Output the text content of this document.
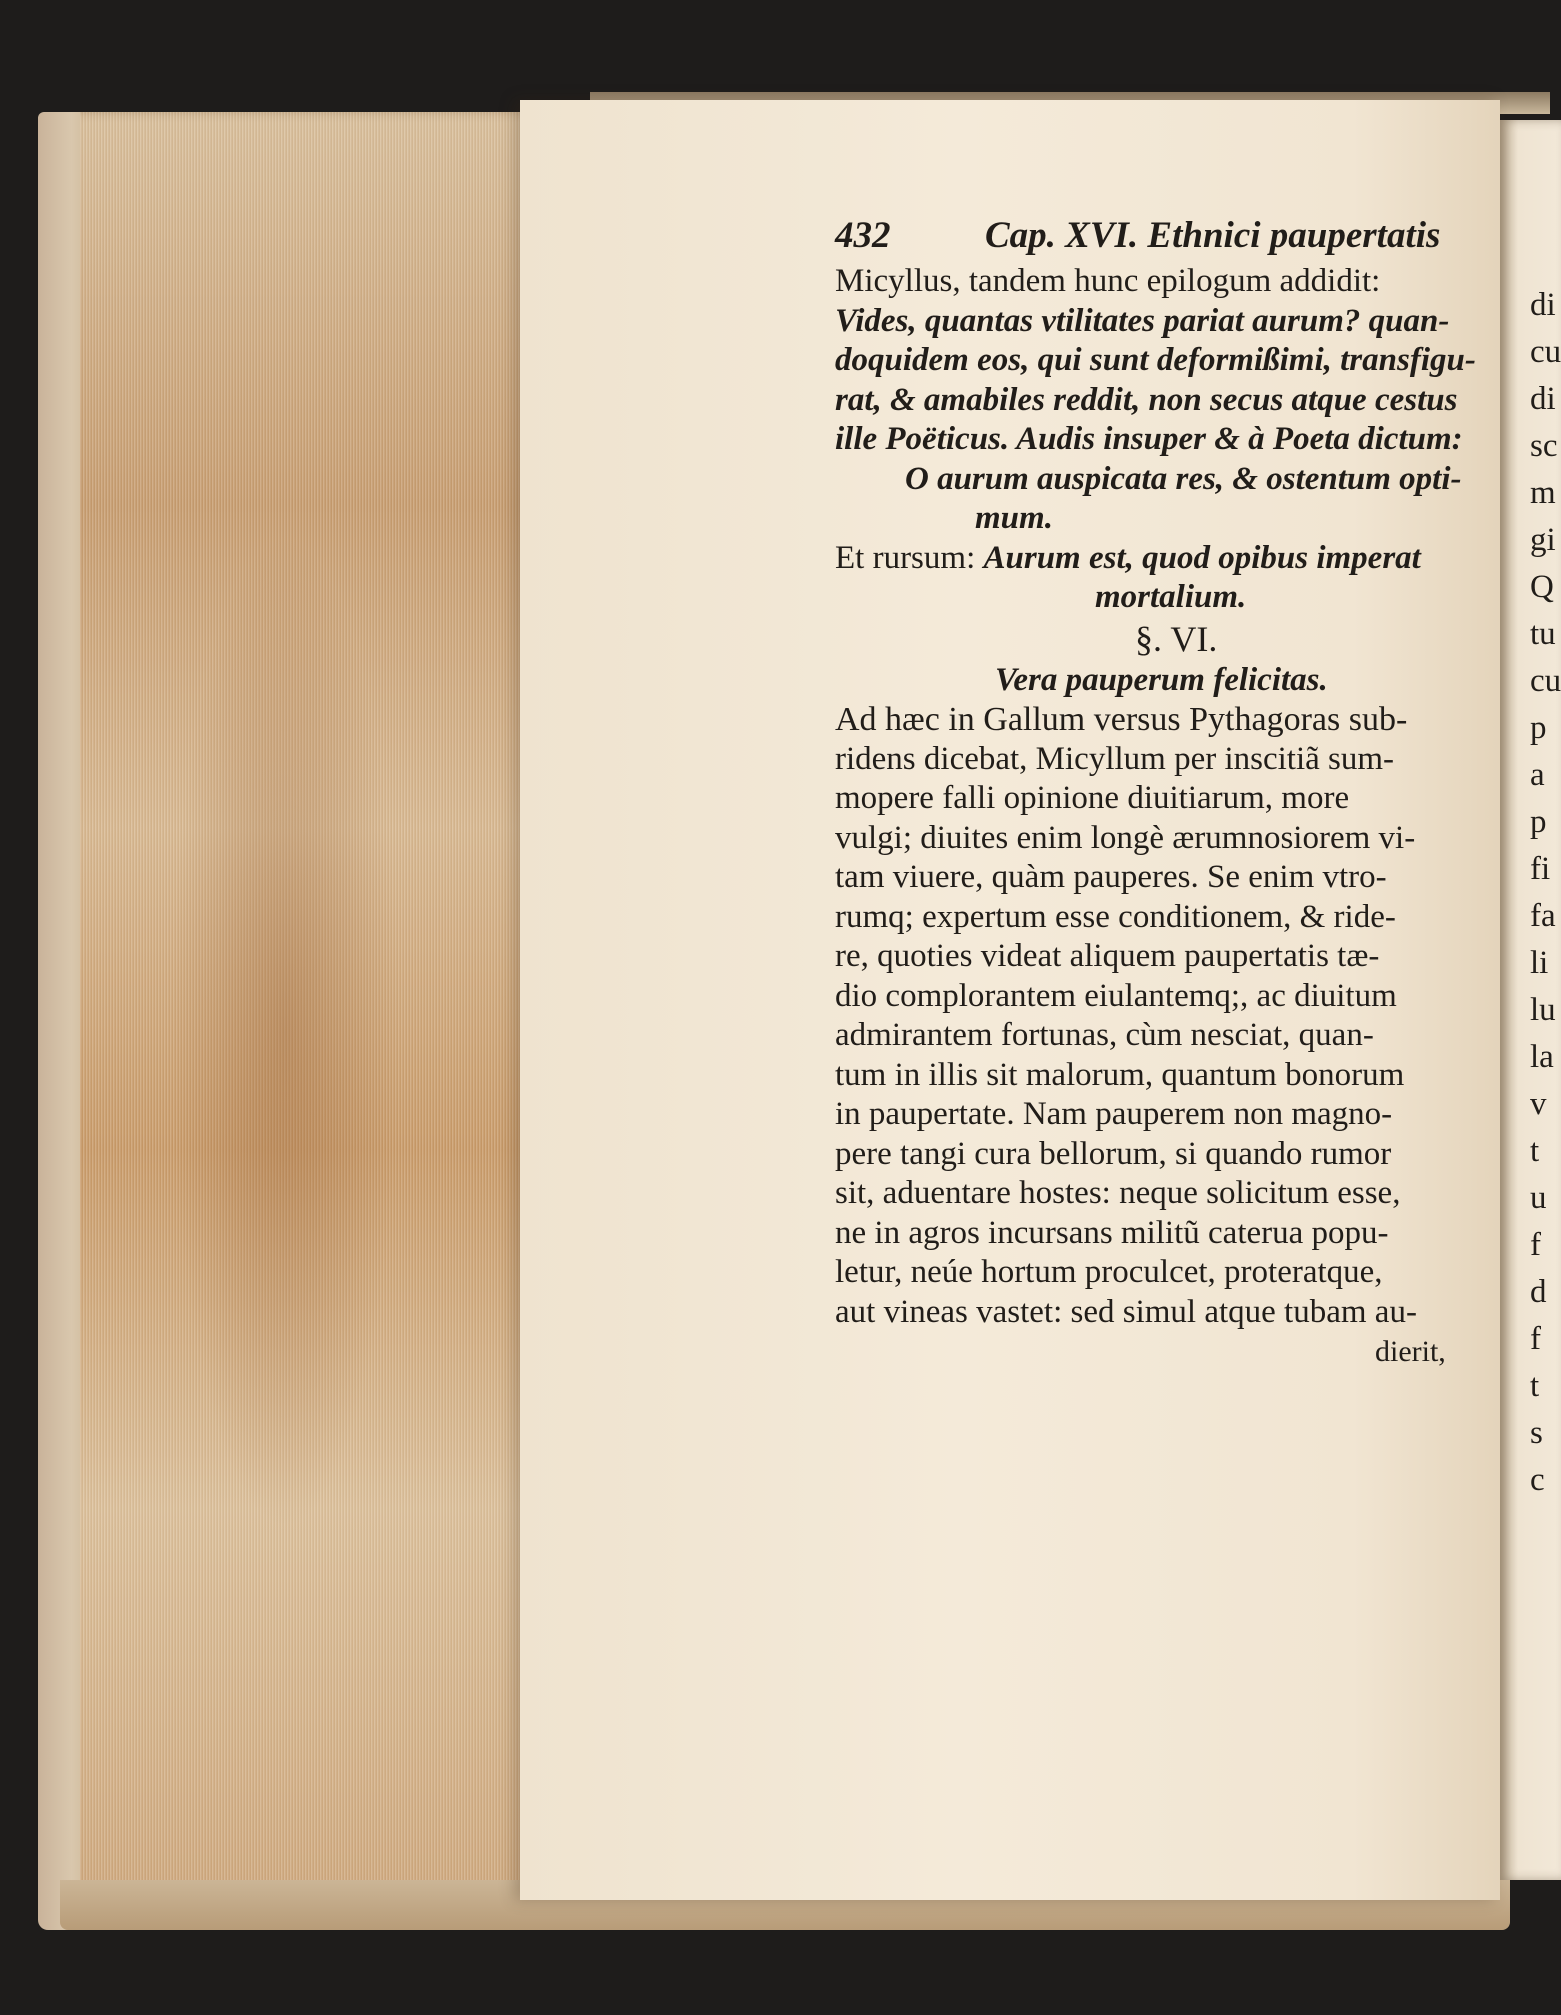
432	Cap. XVI. Ethnici paupertatis
Micyllus, tandem hunc epilogum addidit:
Vides, quantas vtilitates pariat aurum? quan-
doquidem eos, qui sunt deformißimi, transfigu-
rat, & amabiles reddit, non secus atque cestus
ille Poëticus. Audis insuper & à Poeta dictum:
O aurum auspicata res, & ostentum opti-
mum.
Et rursum: Aurum est, quod opibus imperat
mortalium.
§. VI.
Vera pauperum felicitas.
Ad hæc in Gallum versus Pythagoras sub-
ridens dicebat, Micyllum per inscitiã sum-
mopere falli opinione diuitiarum, more
vulgi; diuites enim longè ærumnosiorem vi-
tam viuere, quàm pauperes. Se enim vtro-
rumq; expertum esse conditionem, & ride-
re, quoties videat aliquem paupertatis tæ-
dio complorantem eiulantemq;, ac diuitum
admirantem fortunas, cùm nesciat, quan-
tum in illis sit malorum, quantum bonorum
in paupertate. Nam pauperem non magno-
pere tangi cura bellorum, si quando rumor
sit, aduentare hostes: neque solicitum esse,
ne in agros incursans militũ caterua popu-
letur, neúe hortum proculcet, proteratque,
aut vineas vastet: sed simul atque tubam au-
dierit,
di
cu
di
sc
m
gi
Q
tu
cu
p
a
p
fi
fa
li
lu
la
v
t
u
f
d
f
t
s
c
